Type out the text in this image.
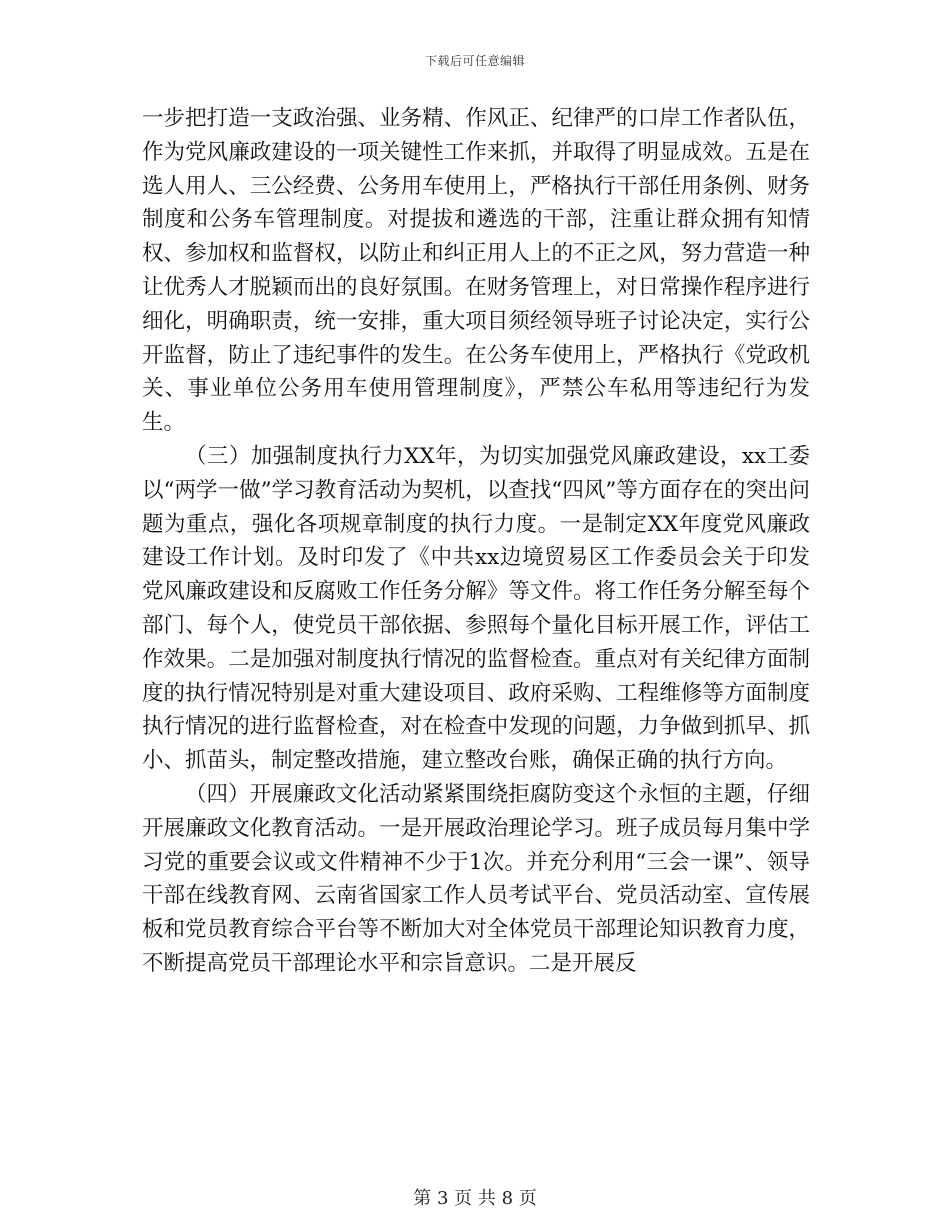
下载后可任意编辑

一步把打造一支政治强、业务精、作风正、纪律严的口岸工作者队伍，作为党风廉政建设的一项关键性工作来抓，并取得了明显成效。五是在选人用人、三公经费、公务用车使用上，严格执行干部任用条例、财务制度和公务车管理制度。对提拔和遴选的干部，注重让群众拥有知情权、参加权和监督权，以防止和纠正用人上的不正之风，努力营造一种让优秀人才脱颖而出的良好氛围。在财务管理上，对日常操作程序进行细化，明确职责，统一安排，重大项目须经领导班子讨论决定，实行公开监督，防止了违纪事件的发生。在公务车使用上，严格执行《党政机关、事业单位公务用车使用管理制度》，严禁公车私用等违纪行为发生。

（三）加强制度执行力XX年，为切实加强党风廉政建设，xx工委以“两学一做”学习教育活动为契机，以查找“四风”等方面存在的突出问题为重点，强化各项规章制度的执行力度。一是制定XX年度党风廉政建设工作计划。及时印发了《中共xx边境贸易区工作委员会关于印发党风廉政建设和反腐败工作任务分解》等文件。将工作任务分解至每个部门、每个人，使党员干部依据、参照每个量化目标开展工作，评估工作效果。二是加强对制度执行情况的监督检查。重点对有关纪律方面制度的执行情况特别是对重大建设项目、政府采购、工程维修等方面制度执行情况的进行监督检查，对在检查中发现的问题，力争做到抓早、抓小、抓苗头，制定整改措施，建立整改台账，确保正确的执行方向。

（四）开展廉政文化活动紧紧围绕拒腐防变这个永恒的主题，仔细开展廉政文化教育活动。一是开展政治理论学习。班子成员每月集中学习党的重要会议或文件精神不少于1次。并充分利用“三会一课”、领导干部在线教育网、云南省国家工作人员考试平台、党员活动室、宣传展板和党员教育综合平台等不断加大对全体党员干部理论知识教育力度，不断提高党员干部理论水平和宗旨意识。二是开展反

第 3 页 共 8 页
